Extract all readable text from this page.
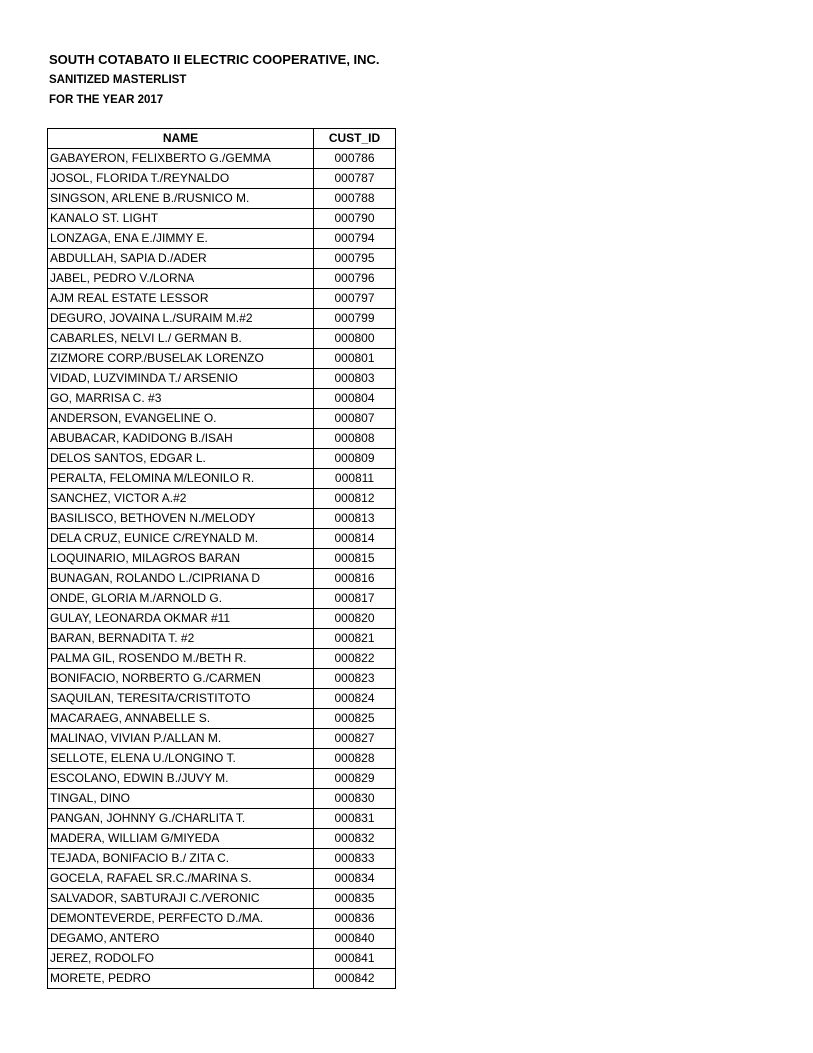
SOUTH COTABATO II ELECTRIC COOPERATIVE, INC.
SANITIZED MASTERLIST
FOR THE YEAR 2017
NAME	CUST_ID
GABAYERON, FELIXBERTO G./GEMMA	000786
JOSOL, FLORIDA T./REYNALDO	000787
SINGSON, ARLENE B./RUSNICO M.	000788
KANALO ST. LIGHT	000790
LONZAGA, ENA E./JIMMY E.	000794
ABDULLAH, SAPIA D./ADER	000795
JABEL, PEDRO V./LORNA	000796
AJM REAL ESTATE LESSOR	000797
DEGURO, JOVAINA L./SURAIM M.#2	000799
CABARLES, NELVI L./ GERMAN B.	000800
ZIZMORE CORP./BUSELAK LORENZO	000801
VIDAD, LUZVIMINDA T./ ARSENIO	000803
GO, MARRISA C. #3	000804
ANDERSON, EVANGELINE O.	000807
ABUBACAR, KADIDONG B./ISAH	000808
DELOS SANTOS, EDGAR L.	000809
PERALTA, FELOMINA M/LEONILO R.	000811
SANCHEZ, VICTOR A.#2	000812
BASILISCO, BETHOVEN N./MELODY	000813
DELA CRUZ, EUNICE C/REYNALD M.	000814
LOQUINARIO, MILAGROS BARAN	000815
BUNAGAN, ROLANDO L./CIPRIANA D	000816
ONDE, GLORIA M./ARNOLD G.	000817
GULAY, LEONARDA OKMAR #11	000820
BARAN, BERNADITA T. #2	000821
PALMA GIL, ROSENDO M./BETH R.	000822
BONIFACIO, NORBERTO G./CARMEN	000823
SAQUILAN, TERESITA/CRISTITOTO	000824
MACARAEG, ANNABELLE S.	000825
MALINAO, VIVIAN P./ALLAN M.	000827
SELLOTE, ELENA U./LONGINO T.	000828
ESCOLANO, EDWIN B./JUVY M.	000829
TINGAL, DINO	000830
PANGAN, JOHNNY G./CHARLITA T.	000831
MADERA, WILLIAM G/MIYEDA	000832
TEJADA, BONIFACIO B./ ZITA C.	000833
GOCELA, RAFAEL SR.C./MARINA S.	000834
SALVADOR, SABTURAJI C./VERONIC	000835
DEMONTEVERDE, PERFECTO D./MA.	000836
DEGAMO, ANTERO	000840
JEREZ, RODOLFO	000841
MORETE, PEDRO	000842
